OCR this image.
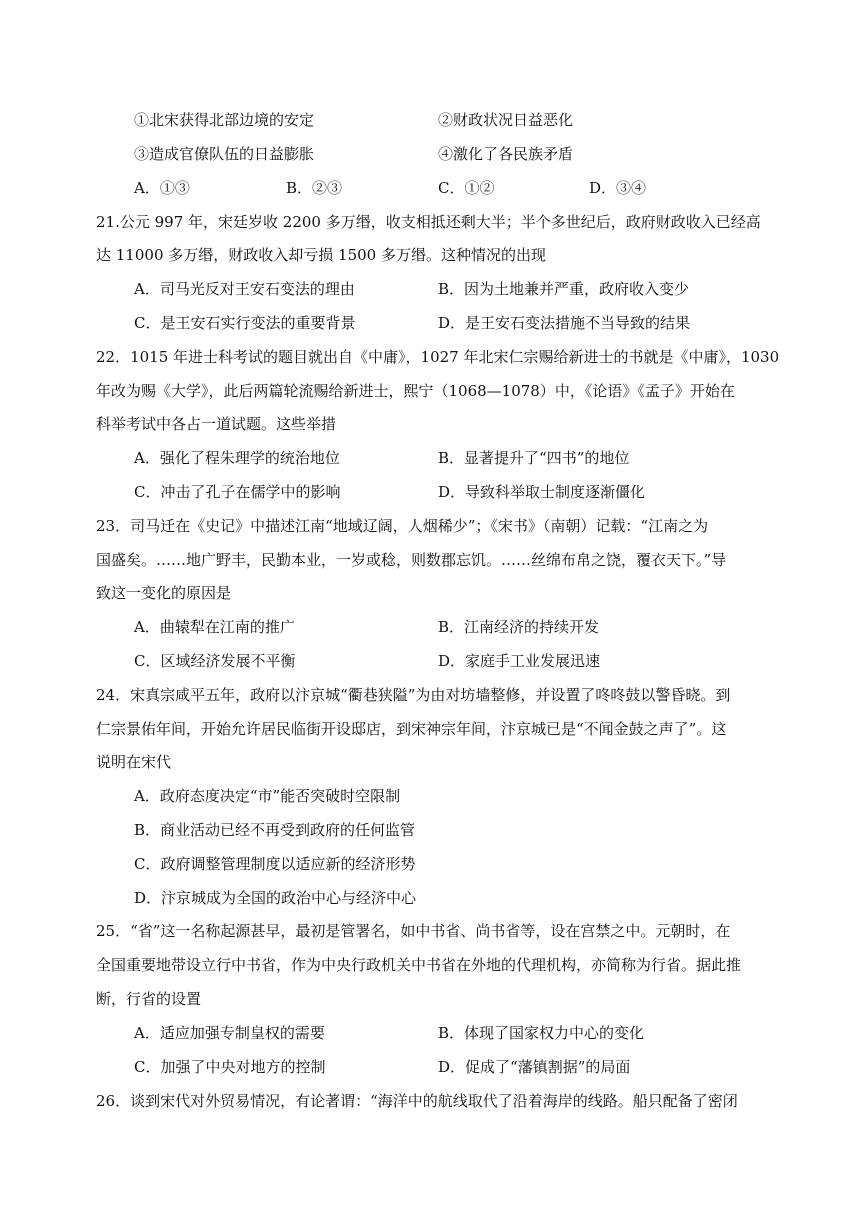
①北宋获得北部边境的安定	②财政状况日益恶化
③造成官僚队伍的日益膨胀	④激化了各民族矛盾
A．①③	B．②③	C．①②	D．③④
21.公元 997 年，宋廷岁收 2200 多万缗，收支相抵还剩大半；半个多世纪后，政府财政收入已经高
达 11000 多万缗，财政收入却亏损 1500 多万缗。这种情况的出现
A．司马光反对王安石变法的理由	B．因为土地兼并严重，政府收入变少
C．是王安石实行变法的重要背景	D．是王安石变法措施不当导致的结果
22．1015 年进士科考试的题目就出自《中庸》，1027 年北宋仁宗赐给新进士的书就是《中庸》，1030
年改为赐《大学》，此后两篇轮流赐给新进士，熙宁（1068—1078）中，《论语》《孟子》开始在
科举考试中各占一道试题。这些举措
A．强化了程朱理学的统治地位	B．显著提升了“四书”的地位
C．冲击了孔子在儒学中的影响	D．导致科举取士制度逐渐僵化
23．司马迁在《史记》中描述江南“地域辽阔，人烟稀少”；《宋书》（南朝）记载：“江南之为
国盛矣。……地广野丰，民勤本业，一岁或稔，则数郡忘饥。……丝绵布帛之饶，覆衣天下。”导
致这一变化的原因是
A．曲辕犁在江南的推广	B．江南经济的持续开发
C．区域经济发展不平衡	D．家庭手工业发展迅速
24．宋真宗咸平五年，政府以汴京城“衢巷狭隘”为由对坊墙整修，并设置了咚咚鼓以警昏晓。到
仁宗景佑年间，开始允许居民临街开设邸店，到宋神宗年间，汴京城已是“不闻金鼓之声了”。这
说明在宋代
A．政府态度决定“市”能否突破时空限制
B．商业活动已经不再受到政府的任何监管
C．政府调整管理制度以适应新的经济形势
D．汴京城成为全国的政治中心与经济中心
25．“省”这一名称起源甚早，最初是管署名，如中书省、尚书省等，设在宫禁之中。元朝时，在
全国重要地带设立行中书省，作为中央行政机关中书省在外地的代理机构，亦简称为行省。据此推
断，行省的设置
A．适应加强专制皇权的需要	B．体现了国家权力中心的变化
C．加强了中央对地方的控制	D．促成了“藩镇割据”的局面
26．谈到宋代对外贸易情况，有论著谓：“海洋中的航线取代了沿着海岸的线路。船只配备了密闭
